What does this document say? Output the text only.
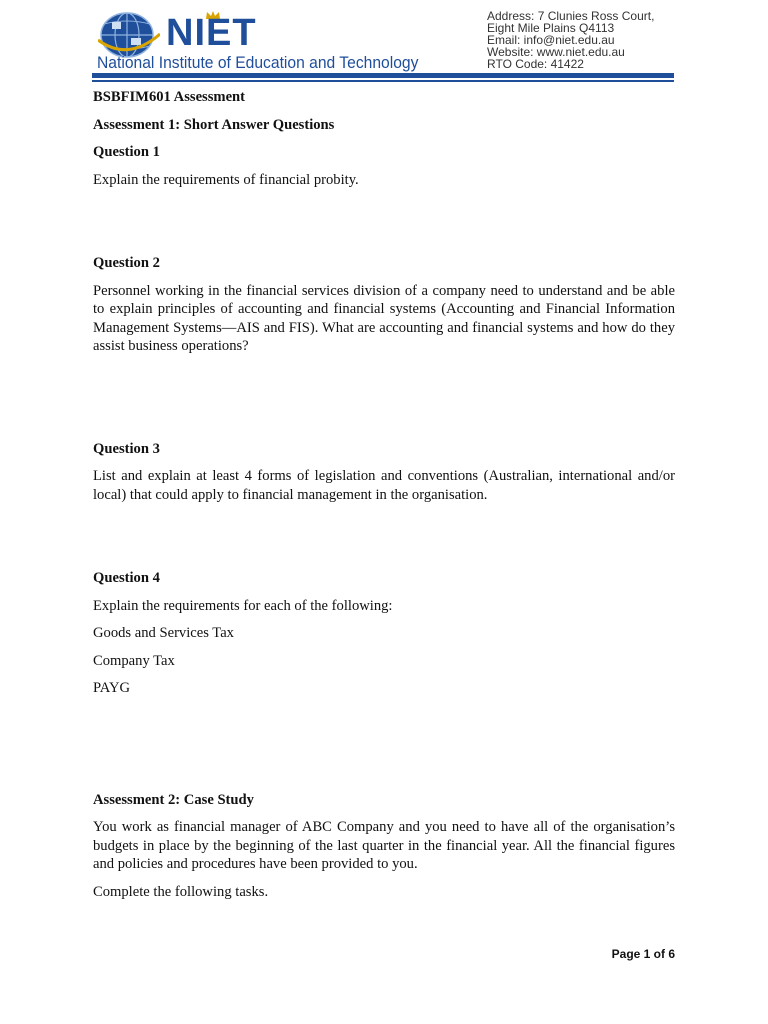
NIET
National Institute of Education and Technology
Address: 7 Clunies Ross Court,
Eight Mile Plains Q4113
Email: info@niet.edu.au
Website: www.niet.edu.au
RTO Code: 41422

BSBFIM601 Assessment

Assessment 1: Short Answer Questions

Question 1

Explain the requirements of financial probity.

Question 2

Personnel working in the financial services division of a company need to understand and be able to explain principles of accounting and financial systems (Accounting and Financial Information Management Systems—AIS and FIS). What are accounting and financial systems and how do they assist business operations?

Question 3

List and explain at least 4 forms of legislation and conventions (Australian, international and/or local) that could apply to financial management in the organisation.

Question 4

Explain the requirements for each of the following:

Goods and Services Tax

Company Tax

PAYG

Assessment 2: Case Study

You work as financial manager of ABC Company and you need to have all of the organisation’s budgets in place by the beginning of the last quarter in the financial year. All the financial figures and policies and procedures have been provided to you.

Complete the following tasks.

Page 1 of 6
